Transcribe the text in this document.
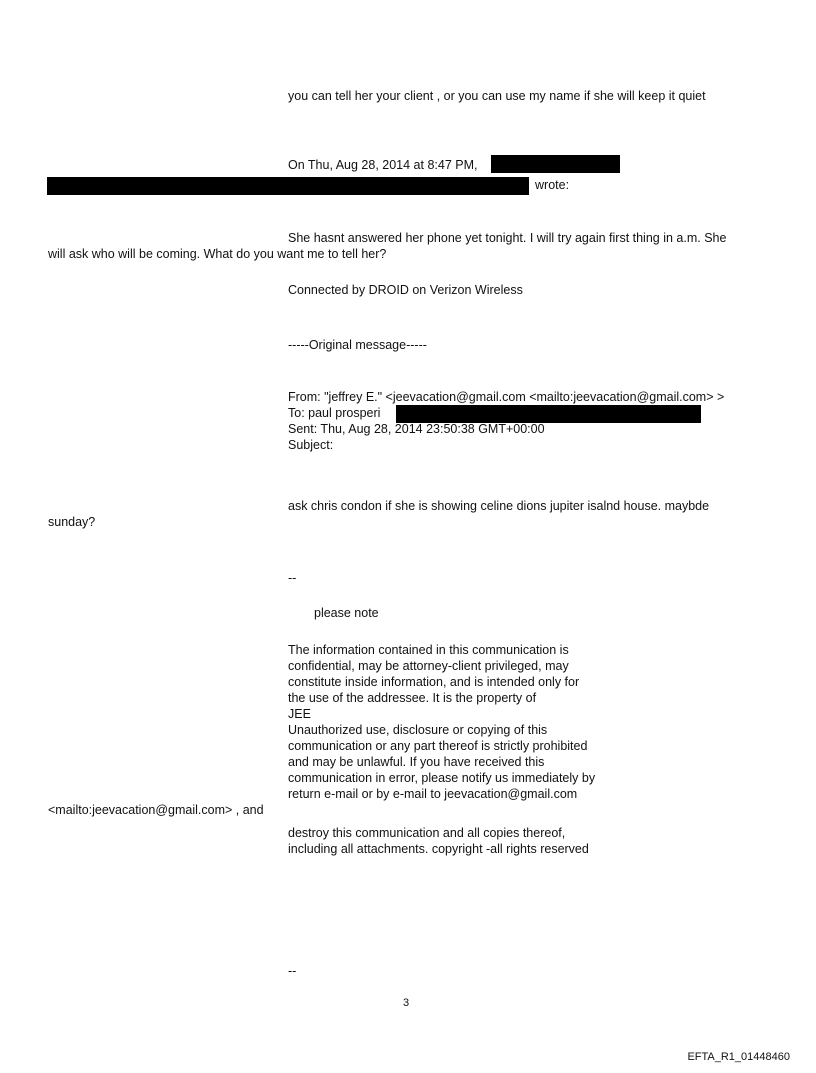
you can tell her your client , or you can use my name if she will keep it quiet
On Thu, Aug 28, 2014 at 8:47 PM,
wrote:
She hasnt answered her phone yet tonight. I will try again first thing in a.m. She
will ask who will be coming. What do you want me to tell her?
Connected by DROID on Verizon Wireless
-----Original message-----
From: "jeffrey E." <jeevacation@gmail.com <mailto:jeevacation@gmail.com> >
To: paul prosperi
Sent: Thu, Aug 28, 2014 23:50:38 GMT+00:00
Subject:
ask chris condon if she is showing celine dions jupiter isalnd house. maybde
sunday?
--
please note
The information contained in this communication is
confidential, may be attorney-client privileged, may
constitute inside information, and is intended only for
the use of the addressee. It is the property of
JEE
Unauthorized use, disclosure or copying of this
communication or any part thereof is strictly prohibited
and may be unlawful. If you have received this
communication in error, please notify us immediately by
return e-mail or by e-mail to jeevacation@gmail.com
<mailto:jeevacation@gmail.com> , and
destroy this communication and all copies thereof,
including all attachments. copyright -all rights reserved
--
3
EFTA_R1_01448460
